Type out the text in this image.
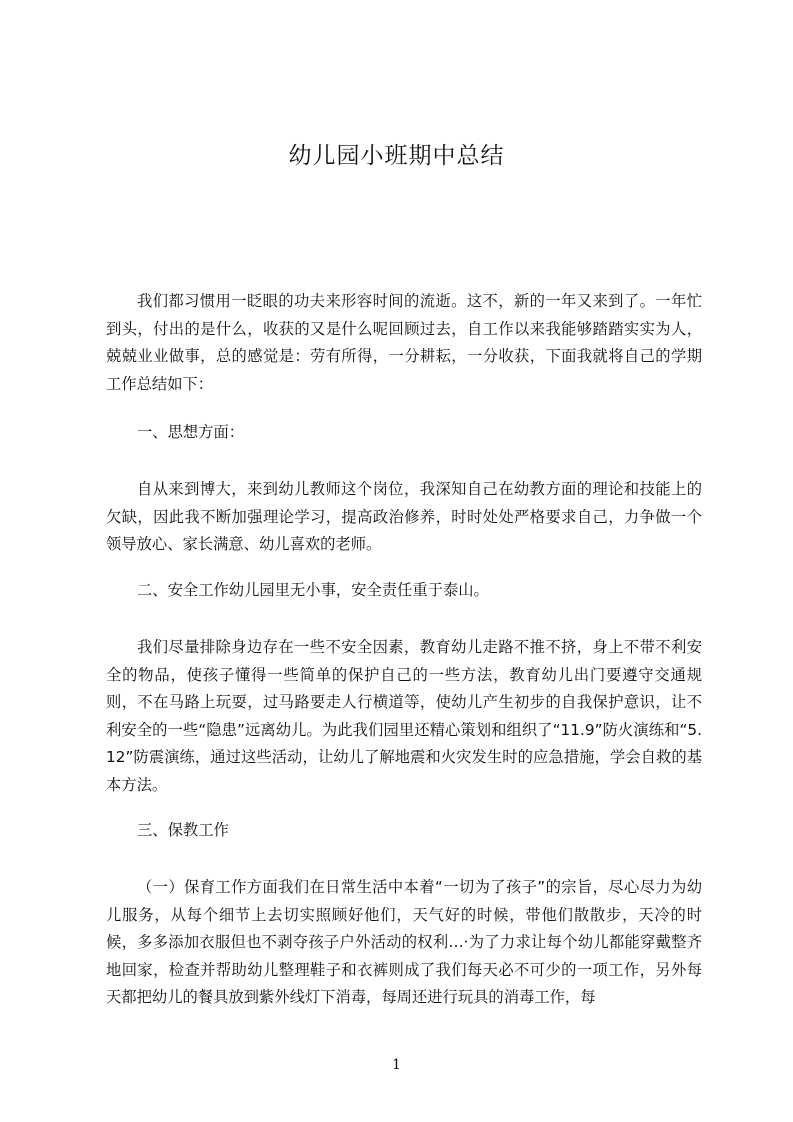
幼儿园小班期中总结
我们都习惯用一眨眼的功夫来形容时间的流逝。这不，新的一年又来到了。一年忙到头，付出的是什么，收获的又是什么呢回顾过去，自工作以来我能够踏踏实实为人，兢兢业业做事，总的感觉是：劳有所得，一分耕耘，一分收获，下面我就将自己的学期工作总结如下：
一、思想方面：
自从来到博大，来到幼儿教师这个岗位，我深知自己在幼教方面的理论和技能上的欠缺，因此我不断加强理论学习，提高政治修养，时时处处严格要求自己，力争做一个领导放心、家长满意、幼儿喜欢的老师。
二、安全工作幼儿园里无小事，安全责任重于泰山。
我们尽量排除身边存在一些不安全因素，教育幼儿走路不推不挤，身上不带不利安全的物品，使孩子懂得一些简单的保护自己的一些方法，教育幼儿出门要遵守交通规则，不在马路上玩耍，过马路要走人行横道等，使幼儿产生初步的自我保护意识，让不利安全的一些“隐患”远离幼儿。为此我们园里还精心策划和组织了“11.9”防火演练和“5.12”防震演练，通过这些活动，让幼儿了解地震和火灾发生时的应急措施，学会自救的基本方法。
三、保教工作
（一）保育工作方面我们在日常生活中本着“一切为了孩子”的宗旨，尽心尽力为幼儿服务，从每个细节上去切实照顾好他们，天气好的时候，带他们散散步，天冷的时候，多多添加衣服但也不剥夺孩子户外活动的权利…·为了力求让每个幼儿都能穿戴整齐地回家，检查并帮助幼儿整理鞋子和衣裤则成了我们每天必不可少的一项工作，另外每天都把幼儿的餐具放到紫外线灯下消毒，每周还进行玩具的消毒工作，每
1
